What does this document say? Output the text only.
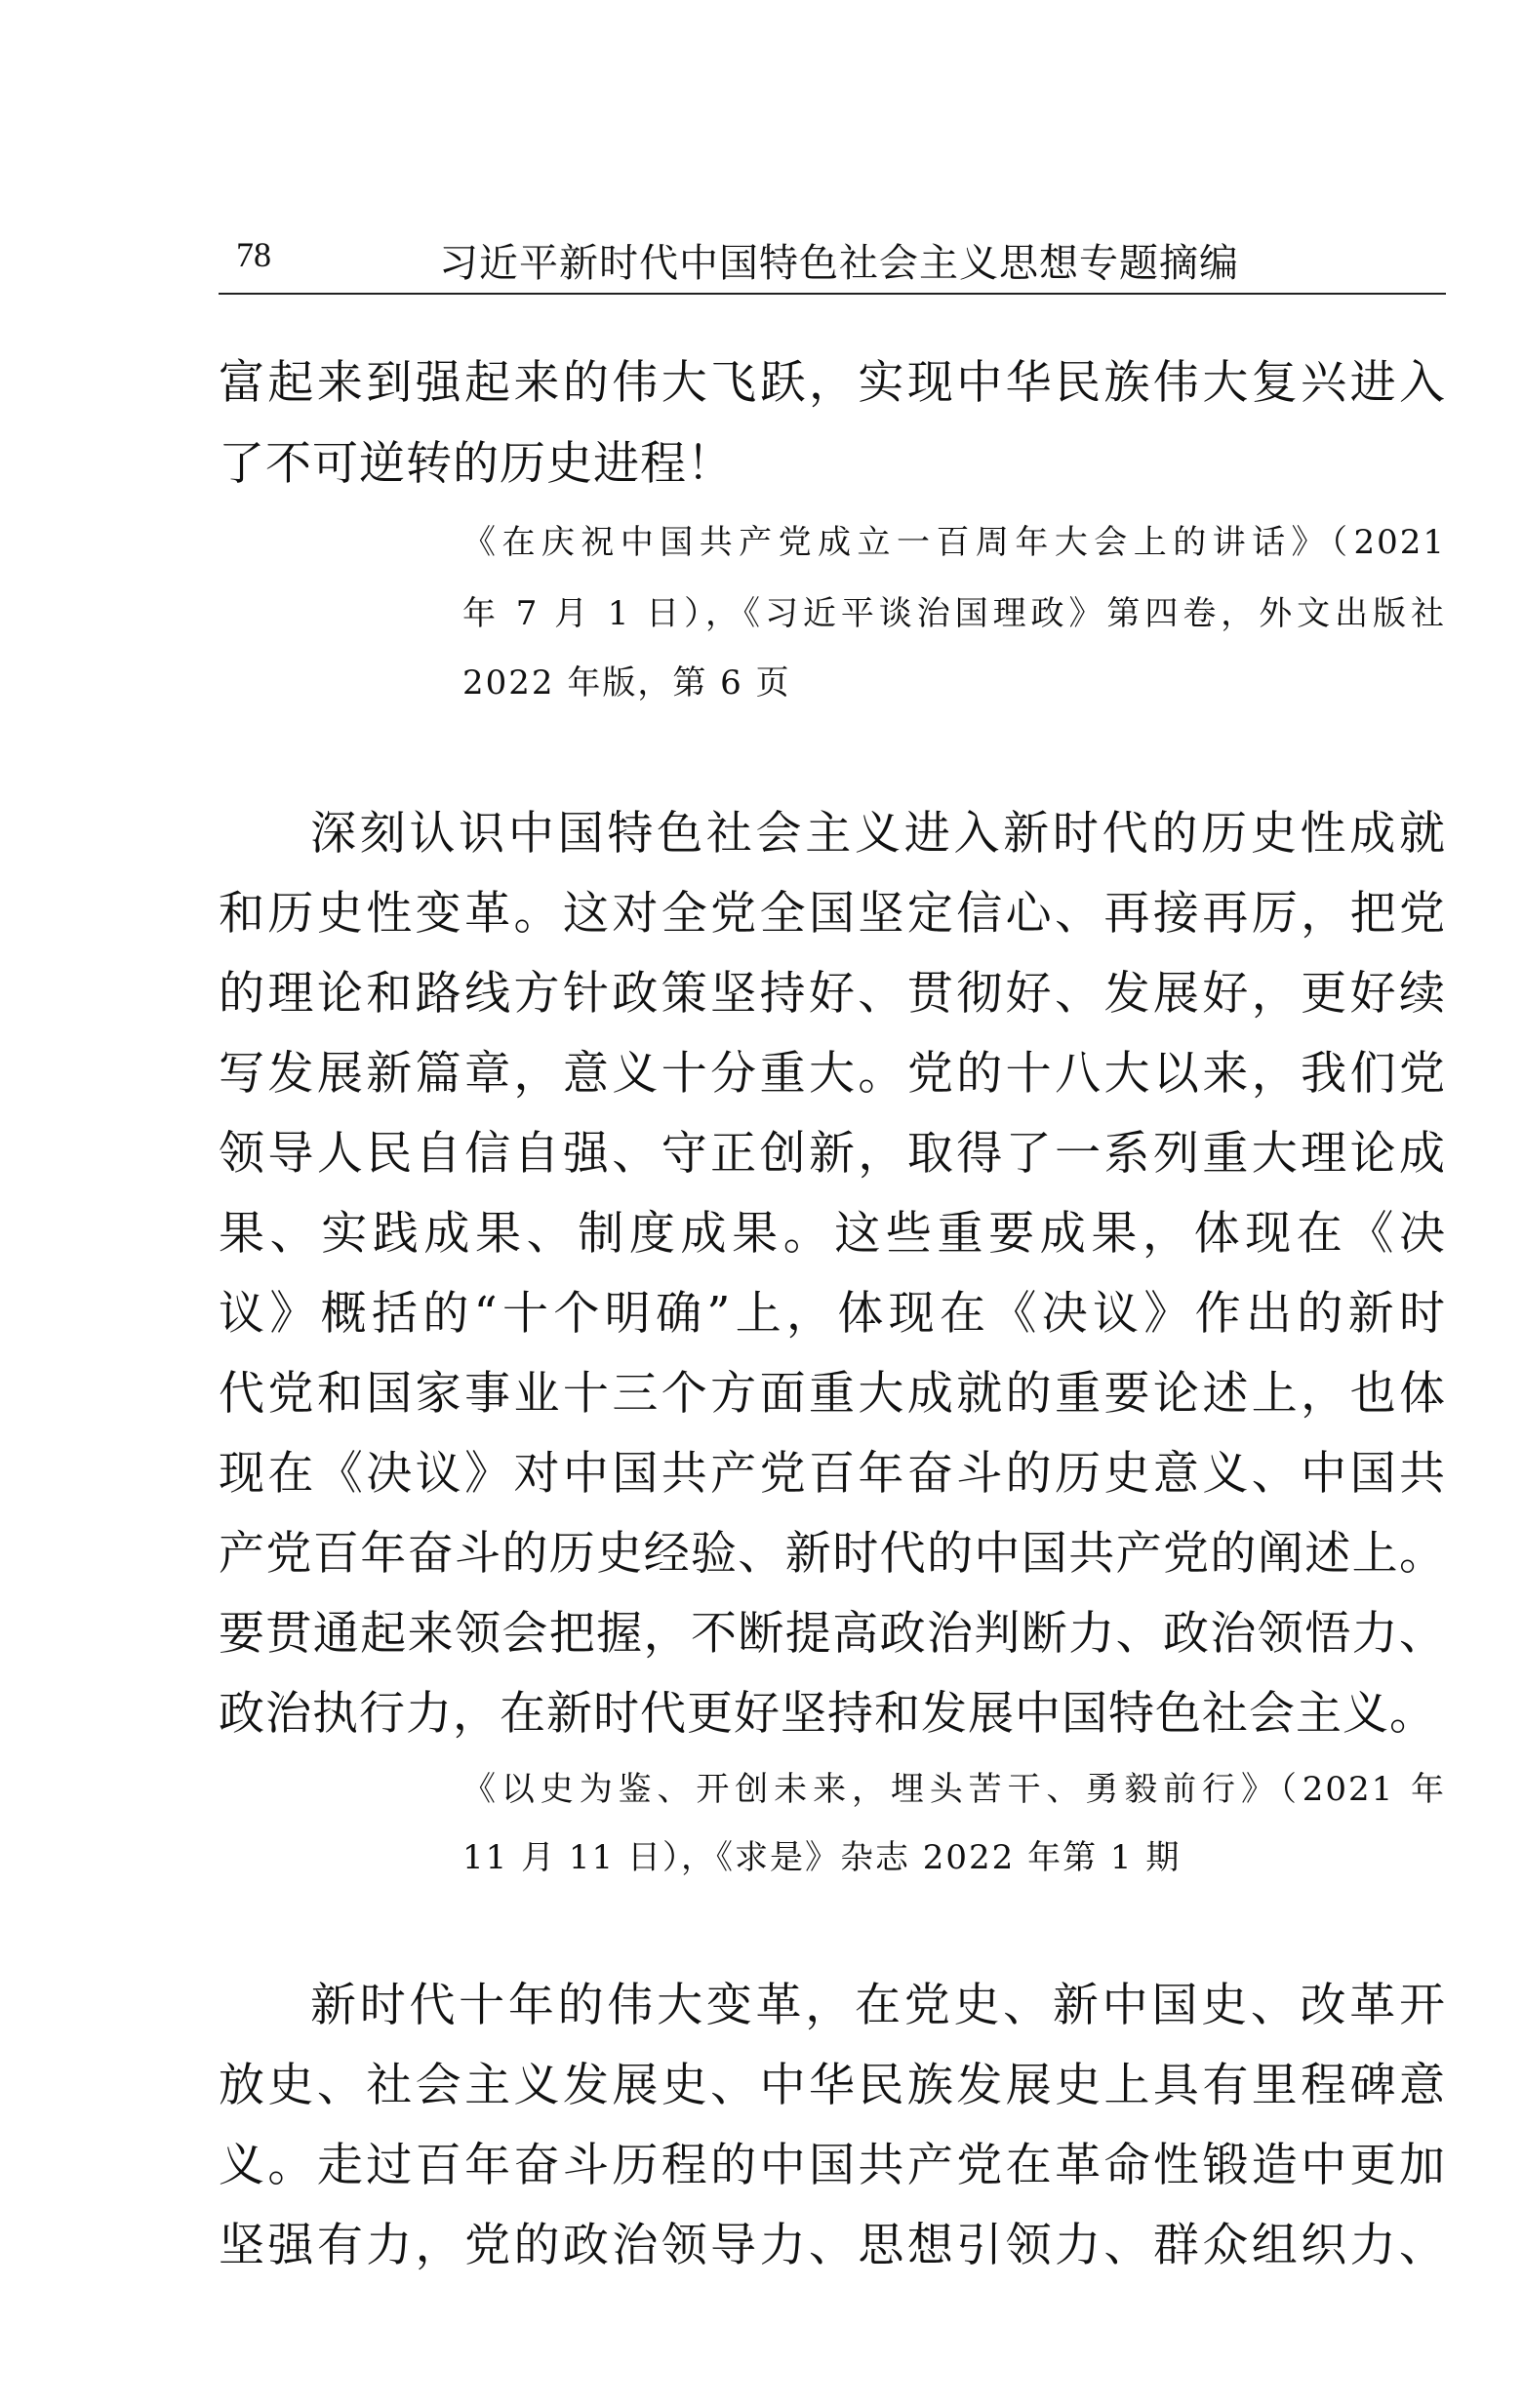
78	习近平新时代中国特色社会主义思想专题摘编
富起来到强起来的伟大飞跃，实现中华民族伟大复兴进入
了不可逆转的历史进程！
《在庆祝中国共产党成立一百周年大会上的讲话》（2021
年 7 月 1 日），《习近平谈治国理政》第四卷，外文出版社
2022 年版，第 6 页
深刻认识中国特色社会主义进入新时代的历史性成就
和历史性变革。这对全党全国坚定信心、再接再厉，把党
的理论和路线方针政策坚持好、贯彻好、发展好，更好续
写发展新篇章，意义十分重大。党的十八大以来，我们党
领导人民自信自强、守正创新，取得了一系列重大理论成
果、实践成果、制度成果。这些重要成果，体现在《决
议》概括的“十个明确”上，体现在《决议》作出的新时
代党和国家事业十三个方面重大成就的重要论述上，也体
现在《决议》对中国共产党百年奋斗的历史意义、中国共
产党百年奋斗的历史经验、新时代的中国共产党的阐述上。
要贯通起来领会把握，不断提高政治判断力、政治领悟力、
政治执行力，在新时代更好坚持和发展中国特色社会主义。
《以史为鉴、开创未来，埋头苦干、勇毅前行》（2021 年
11 月 11 日），《求是》杂志 2022 年第 1 期
新时代十年的伟大变革，在党史、新中国史、改革开
放史、社会主义发展史、中华民族发展史上具有里程碑意
义。走过百年奋斗历程的中国共产党在革命性锻造中更加
坚强有力，党的政治领导力、思想引领力、群众组织力、
